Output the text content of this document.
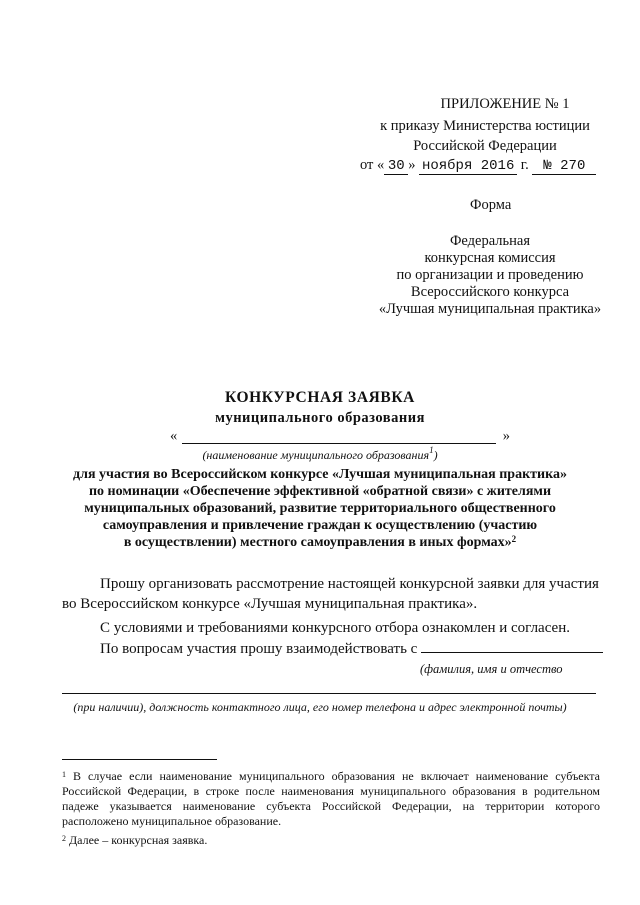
ПРИЛОЖЕНИЕ № 1
к приказу Министерства юстиции
Российской Федерации
от « 30 » ноября 2016 г. № 270
Форма
Федеральная
конкурсная комиссия
по организации и проведению
Всероссийского конкурса
«Лучшая муниципальная практика»
КОНКУРСНАЯ ЗАЯВКА
муниципального образования
«	»
(наименование муниципального образования$^1$)
для участия во Всероссийском конкурсе «Лучшая муниципальная практика»
по номинации «Обеспечение эффективной «обратной связи» с жителями
муниципальных образований, развитие территориального общественного
самоуправления и привлечение граждан к осуществлению (участию
в осуществлении) местного самоуправления в иных формах»$^2$
Прошу организовать рассмотрение настоящей конкурсной заявки для участия
во Всероссийском конкурсе «Лучшая муниципальная практика».
С условиями и требованиями конкурсного отбора ознакомлен и согласен.
По вопросам участия прошу взаимодействовать с
(фамилия, имя и отчество
(при наличии), должность контактного лица, его номер телефона и адрес электронной почты)
$^1$ В случае если наименование муниципального образования не включает наименование субъекта Российской Федерации, в строке после наименования муниципального образования в родительном падеже указывается наименование субъекта Российской Федерации, на территории которого расположено муниципальное образование.
$^2$ Далее – конкурсная заявка.
